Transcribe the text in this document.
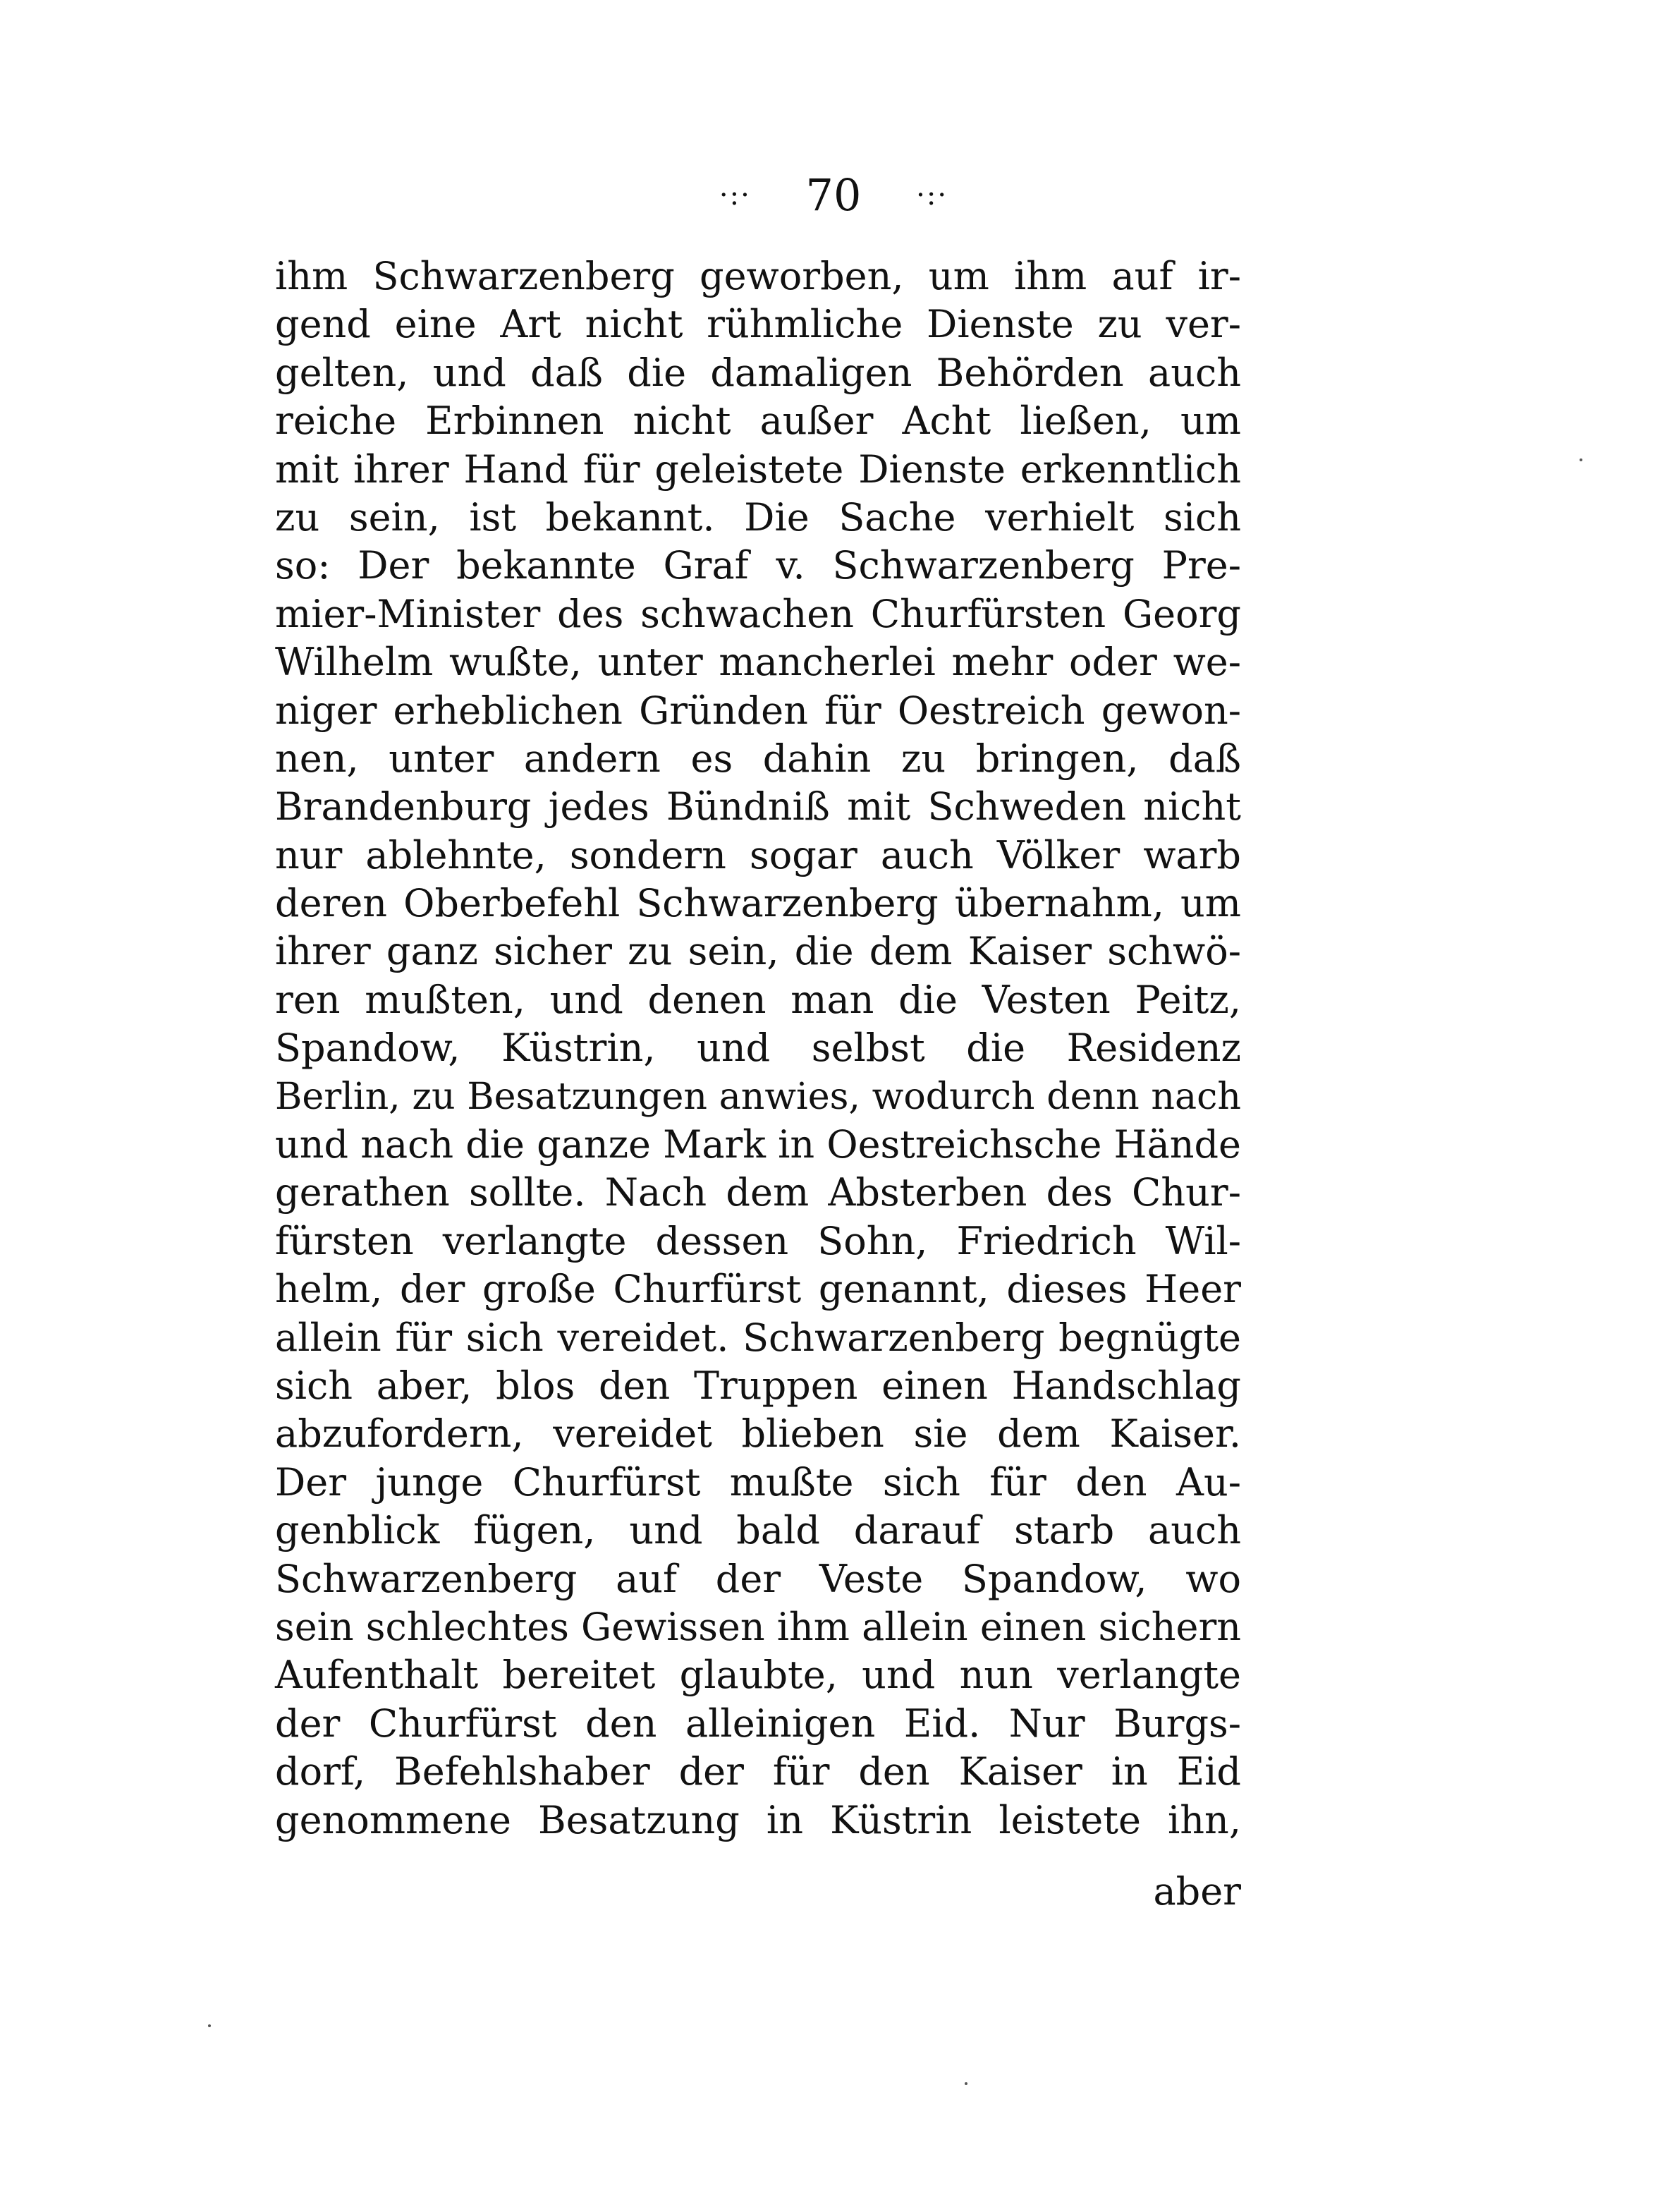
·:· 70 ·:·
ihm Schwarzenberg geworben, um ihm auf ir-
gend eine Art nicht rühmliche Dienste zu ver-
gelten, und daß die damaligen Behörden auch
reiche Erbinnen nicht außer Acht ließen, um
mit ihrer Hand für geleistete Dienste erkenntlich
zu sein, ist bekannt. Die Sache verhielt sich
so: Der bekannte Graf v. Schwarzenberg Pre-
mier-Minister des schwachen Churfürsten Georg
Wilhelm wußte, unter mancherlei mehr oder we-
niger erheblichen Gründen für Oestreich gewon-
nen, unter andern es dahin zu bringen, daß
Brandenburg jedes Bündniß mit Schweden nicht
nur ablehnte, sondern sogar auch Völker warb
deren Oberbefehl Schwarzenberg übernahm, um
ihrer ganz sicher zu sein, die dem Kaiser schwö-
ren mußten, und denen man die Vesten Peitz,
Spandow, Küstrin, und selbst die Residenz
Berlin, zu Besatzungen anwies, wodurch denn nach
und nach die ganze Mark in Oestreichsche Hände
gerathen sollte. Nach dem Absterben des Chur-
fürsten verlangte dessen Sohn, Friedrich Wil-
helm, der große Churfürst genannt, dieses Heer
allein für sich vereidet. Schwarzenberg begnügte
sich aber, blos den Truppen einen Handschlag
abzufordern, vereidet blieben sie dem Kaiser.
Der junge Churfürst mußte sich für den Au-
genblick fügen, und bald darauf starb auch
Schwarzenberg auf der Veste Spandow, wo
sein schlechtes Gewissen ihm allein einen sichern
Aufenthalt bereitet glaubte, und nun verlangte
der Churfürst den alleinigen Eid. Nur Burgs-
dorf, Befehlshaber der für den Kaiser in Eid
genommene Besatzung in Küstrin leistete ihn,
aber
